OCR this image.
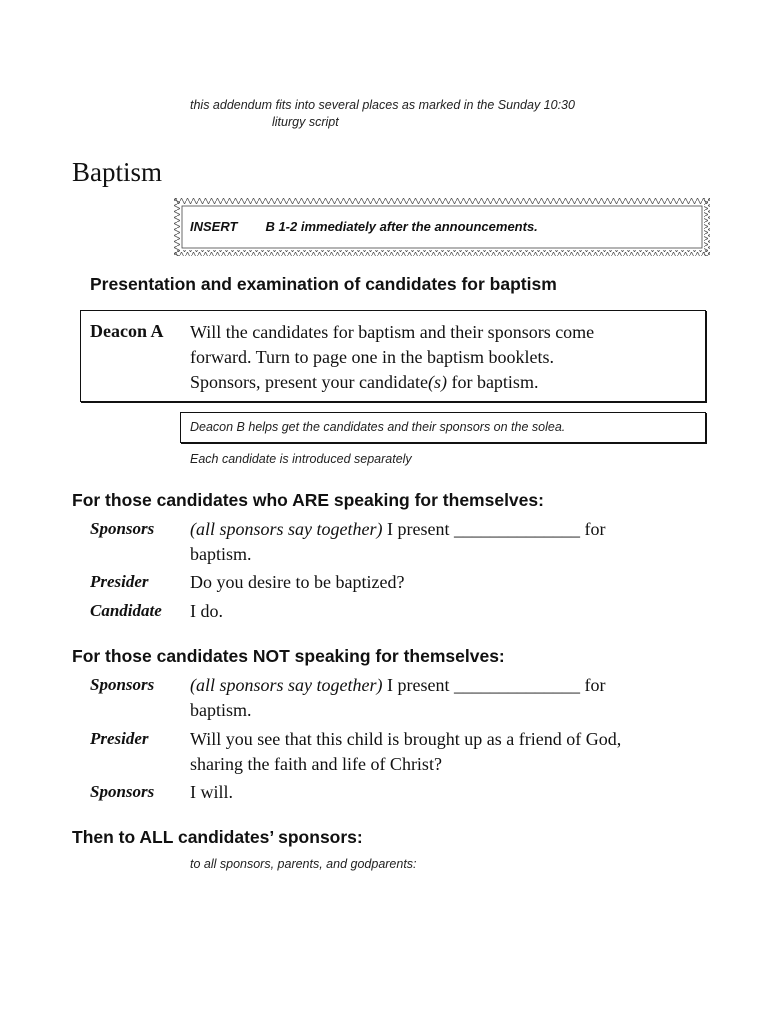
this addendum fits into several places as marked in the Sunday 10:30
liturgy script
Baptism
INSERT B 1-2 immediately after the announcements.
Presentation and examination of candidates for baptism
Deacon A Will the candidates for baptism and their sponsors come
forward. Turn to page one in the baptism booklets.
Sponsors, present your candidate(s) for baptism.
Deacon B helps get the candidates and their sponsors on the solea.
Each candidate is introduced separately
For those candidates who ARE speaking for themselves:
Sponsors (all sponsors say together) I present ______________ for
baptism.
Presider Do you desire to be baptized?
Candidate I do.
For those candidates NOT speaking for themselves:
Sponsors (all sponsors say together) I present ______________ for
baptism.
Presider Will you see that this child is brought up as a friend of God,
sharing the faith and life of Christ?
Sponsors I will.
Then to ALL candidates’ sponsors:
to all sponsors, parents, and godparents:
